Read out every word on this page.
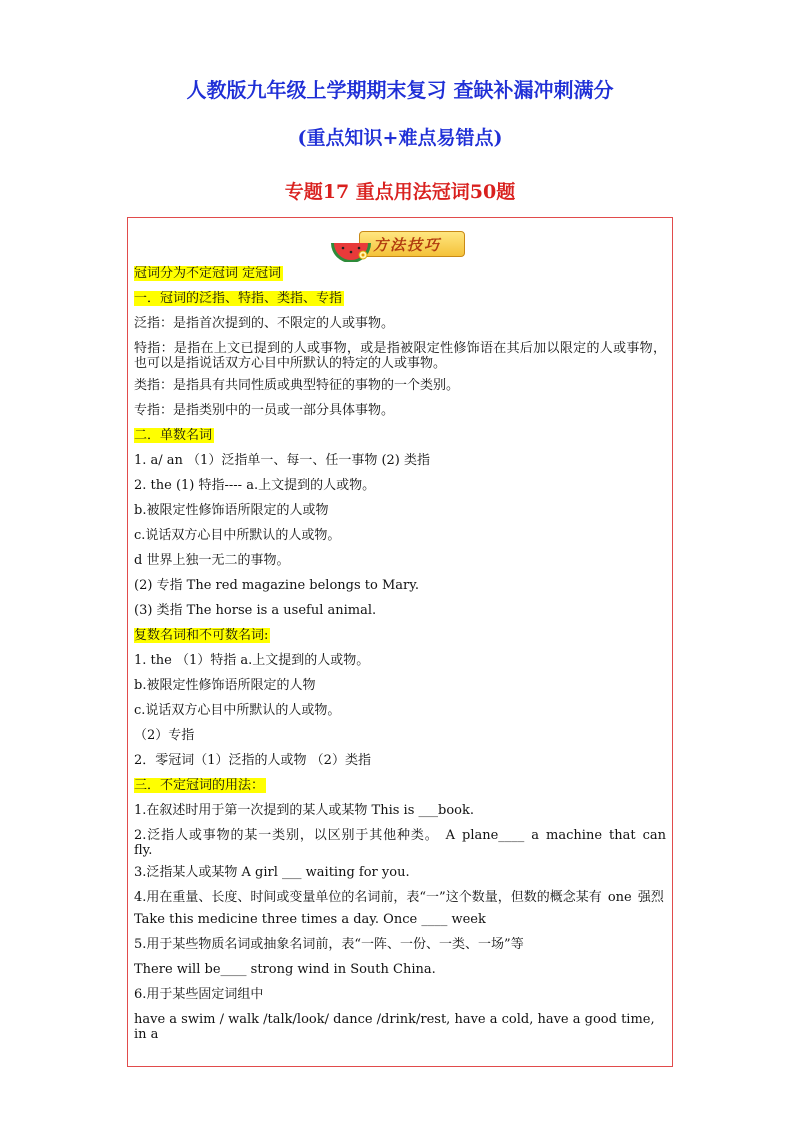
人教版九年级上学期期末复习 查缺补漏冲刺满分
(重点知识+难点易错点)
专题17 重点用法冠词50题
方法技巧

冠词分为不定冠词 定冠词

一．冠词的泛指、特指、类指、专指

泛指：是指首次提到的、不限定的人或事物。

特指：是指在上文已提到的人或事物，或是指被限定性修饰语在其后加以限定的人或事物，也可以是指说话双方心目中所默认的特定的人或事物。

类指：是指具有共同性质或典型特征的事物的一个类别。

专指：是指类别中的一员或一部分具体事物。

二．单数名词

1. a/ an （1）泛指单一、每一、任一事物 (2) 类指

2. the (1) 特指---- a.上文提到的人或物。

b.被限定性修饰语所限定的人或物

c.说话双方心目中所默认的人或物。

d 世界上独一无二的事物。

(2) 专指 The red magazine belongs to Mary.

(3) 类指 The horse is a useful animal.

复数名词和不可数名词:

1. the （1）特指 a.上文提到的人或物。

b.被限定性修饰语所限定的人物

c.说话双方心目中所默认的人或物。

（2）专指

2．零冠词（1）泛指的人或物 （2）类指

三．不定冠词的用法：

1.在叙述时用于第一次提到的某人或某物 This is ___book.

2.泛指人或事物的某一类别，以区别于其他种类。 A plane____ a machine that can fly.

3.泛指某人或某物 A girl ___ waiting for you.

4.用在重量、长度、时间或变量单位的名词前，表“一”这个数量，但数的概念某有 one 强烈

Take this medicine three times a day. Once ____ week

5.用于某些物质名词或抽象名词前，表“一阵、一份、一类、一场”等

There will be____ strong wind in South China.

6.用于某些固定词组中

have a swim / walk /talk/look/ dance /drink/rest, have a cold, have a good time, in a
